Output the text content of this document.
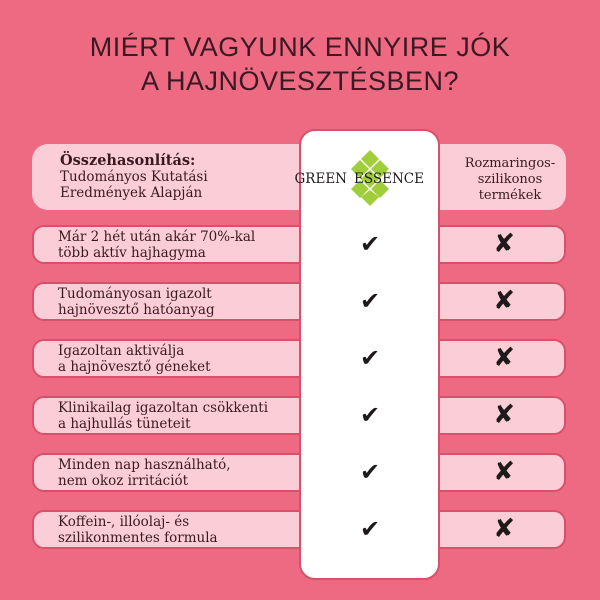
MIÉRT VAGYUNK ENNYIRE JÓK
A HAJNÖVESZTÉSBEN?
Összehasonlítás:
Tudományos Kutatási
Eredmények Alapján
Rozmaringos-
szilikonos
termékek
GREEN ESSENCE
Már 2 hét után akár 70%-kal
több aktív hajhagyma	✔	✘
Tudományosan igazolt
hajnövesztő hatóanyag	✔	✘
Igazoltan aktiválja
a hajnövesztő géneket	✔	✘
Klinikailag igazoltan csökkenti
a hajhullás tüneteit	✔	✘
Minden nap használható,
nem okoz irritációt	✔	✘
Koffein-, illóolaj- és
szilikonmentes formula	✔	✘
